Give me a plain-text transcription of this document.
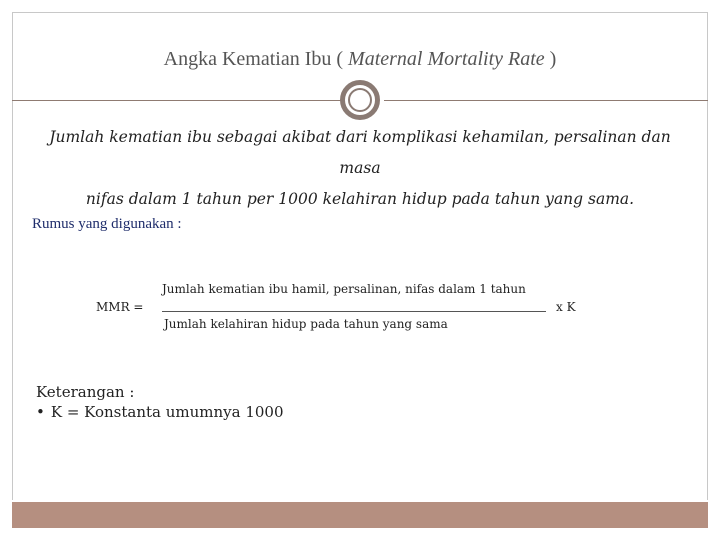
Angka Kematian Ibu ( Maternal Mortality Rate )
Jumlah kematian ibu sebagai akibat dari komplikasi kehamilan, persalinan dan masa
nifas dalam 1 tahun per 1000 kelahiran hidup pada tahun yang sama.
Rumus yang digunakan :
MMR =
Jumlah kematian ibu hamil, persalinan, nifas dalam 1 tahun
Jumlah kelahiran hidup pada tahun yang sama
x K
Keterangan :
• K = Konstanta umumnya 1000
